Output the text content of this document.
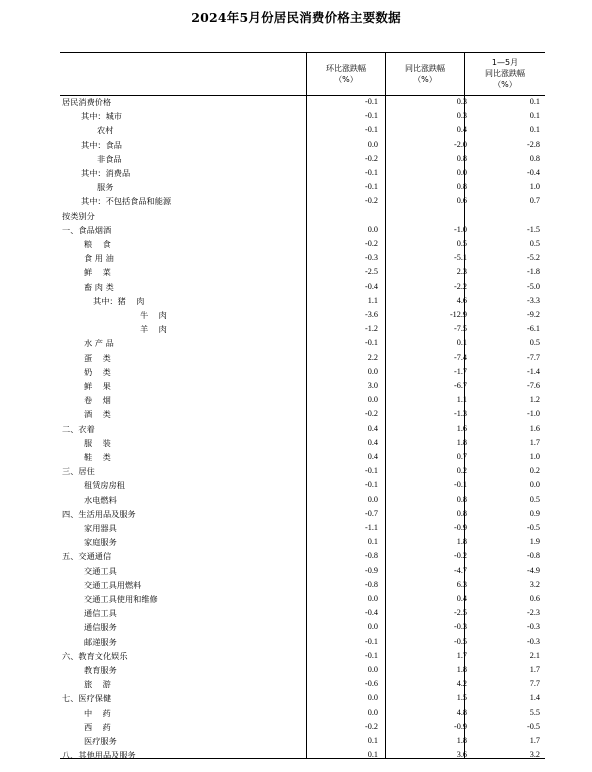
2024年5月份居民消费价格主要数据
环比涨跌幅
（%）
同比涨跌幅
（%）
1—5月
同比涨跌幅
（%）
居民消费价格	-0.1	0.3	0.1
其中：城市	-0.1	0.3	0.1
农村	-0.1	0.4	0.1
其中：食品	0.0	-2.0	-2.8
非食品	-0.2	0.8	0.8
其中：消费品	-0.1	0.0	-0.4
服务	-0.1	0.8	1.0
其中：不包括食品和能源	-0.2	0.6	0.7
按类别分
一、食品烟酒	0.0	-1.0	-1.5
粮    食	-0.2	0.5	0.5
食 用 油	-0.3	-5.1	-5.2
鲜    菜	-2.5	2.3	-1.8
畜 肉 类	-0.4	-2.2	-5.0
其中：猪    肉	1.1	4.6	-3.3
牛    肉	-3.6	-12.9	-9.2
羊    肉	-1.2	-7.5	-6.1
水 产 品	-0.1	0.1	0.5
蛋    类	2.2	-7.4	-7.7
奶    类	0.0	-1.7	-1.4
鲜    果	3.0	-6.7	-7.6
卷    烟	0.0	1.1	1.2
酒    类	-0.2	-1.3	-1.0
二、衣着	0.4	1.6	1.6
服    装	0.4	1.8	1.7
鞋    类	0.4	0.7	1.0
三、居住	-0.1	0.2	0.2
租赁房房租	-0.1	-0.1	0.0
水电燃料	0.0	0.8	0.5
四、生活用品及服务	-0.7	0.8	0.9
家用器具	-1.1	-0.9	-0.5
家庭服务	0.1	1.8	1.9
五、交通通信	-0.8	-0.2	-0.8
交通工具	-0.9	-4.7	-4.9
交通工具用燃料	-0.8	6.3	3.2
交通工具使用和维修	0.0	0.4	0.6
通信工具	-0.4	-2.5	-2.3
通信服务	0.0	-0.3	-0.3
邮递服务	-0.1	-0.5	-0.3
六、教育文化娱乐	-0.1	1.7	2.1
教育服务	0.0	1.8	1.7
旅    游	-0.6	4.2	7.7
七、医疗保健	0.0	1.5	1.4
中    药	0.0	4.8	5.5
西    药	-0.2	-0.9	-0.5
医疗服务	0.1	1.8	1.7
八、其他用品及服务	0.1	3.6	3.2
